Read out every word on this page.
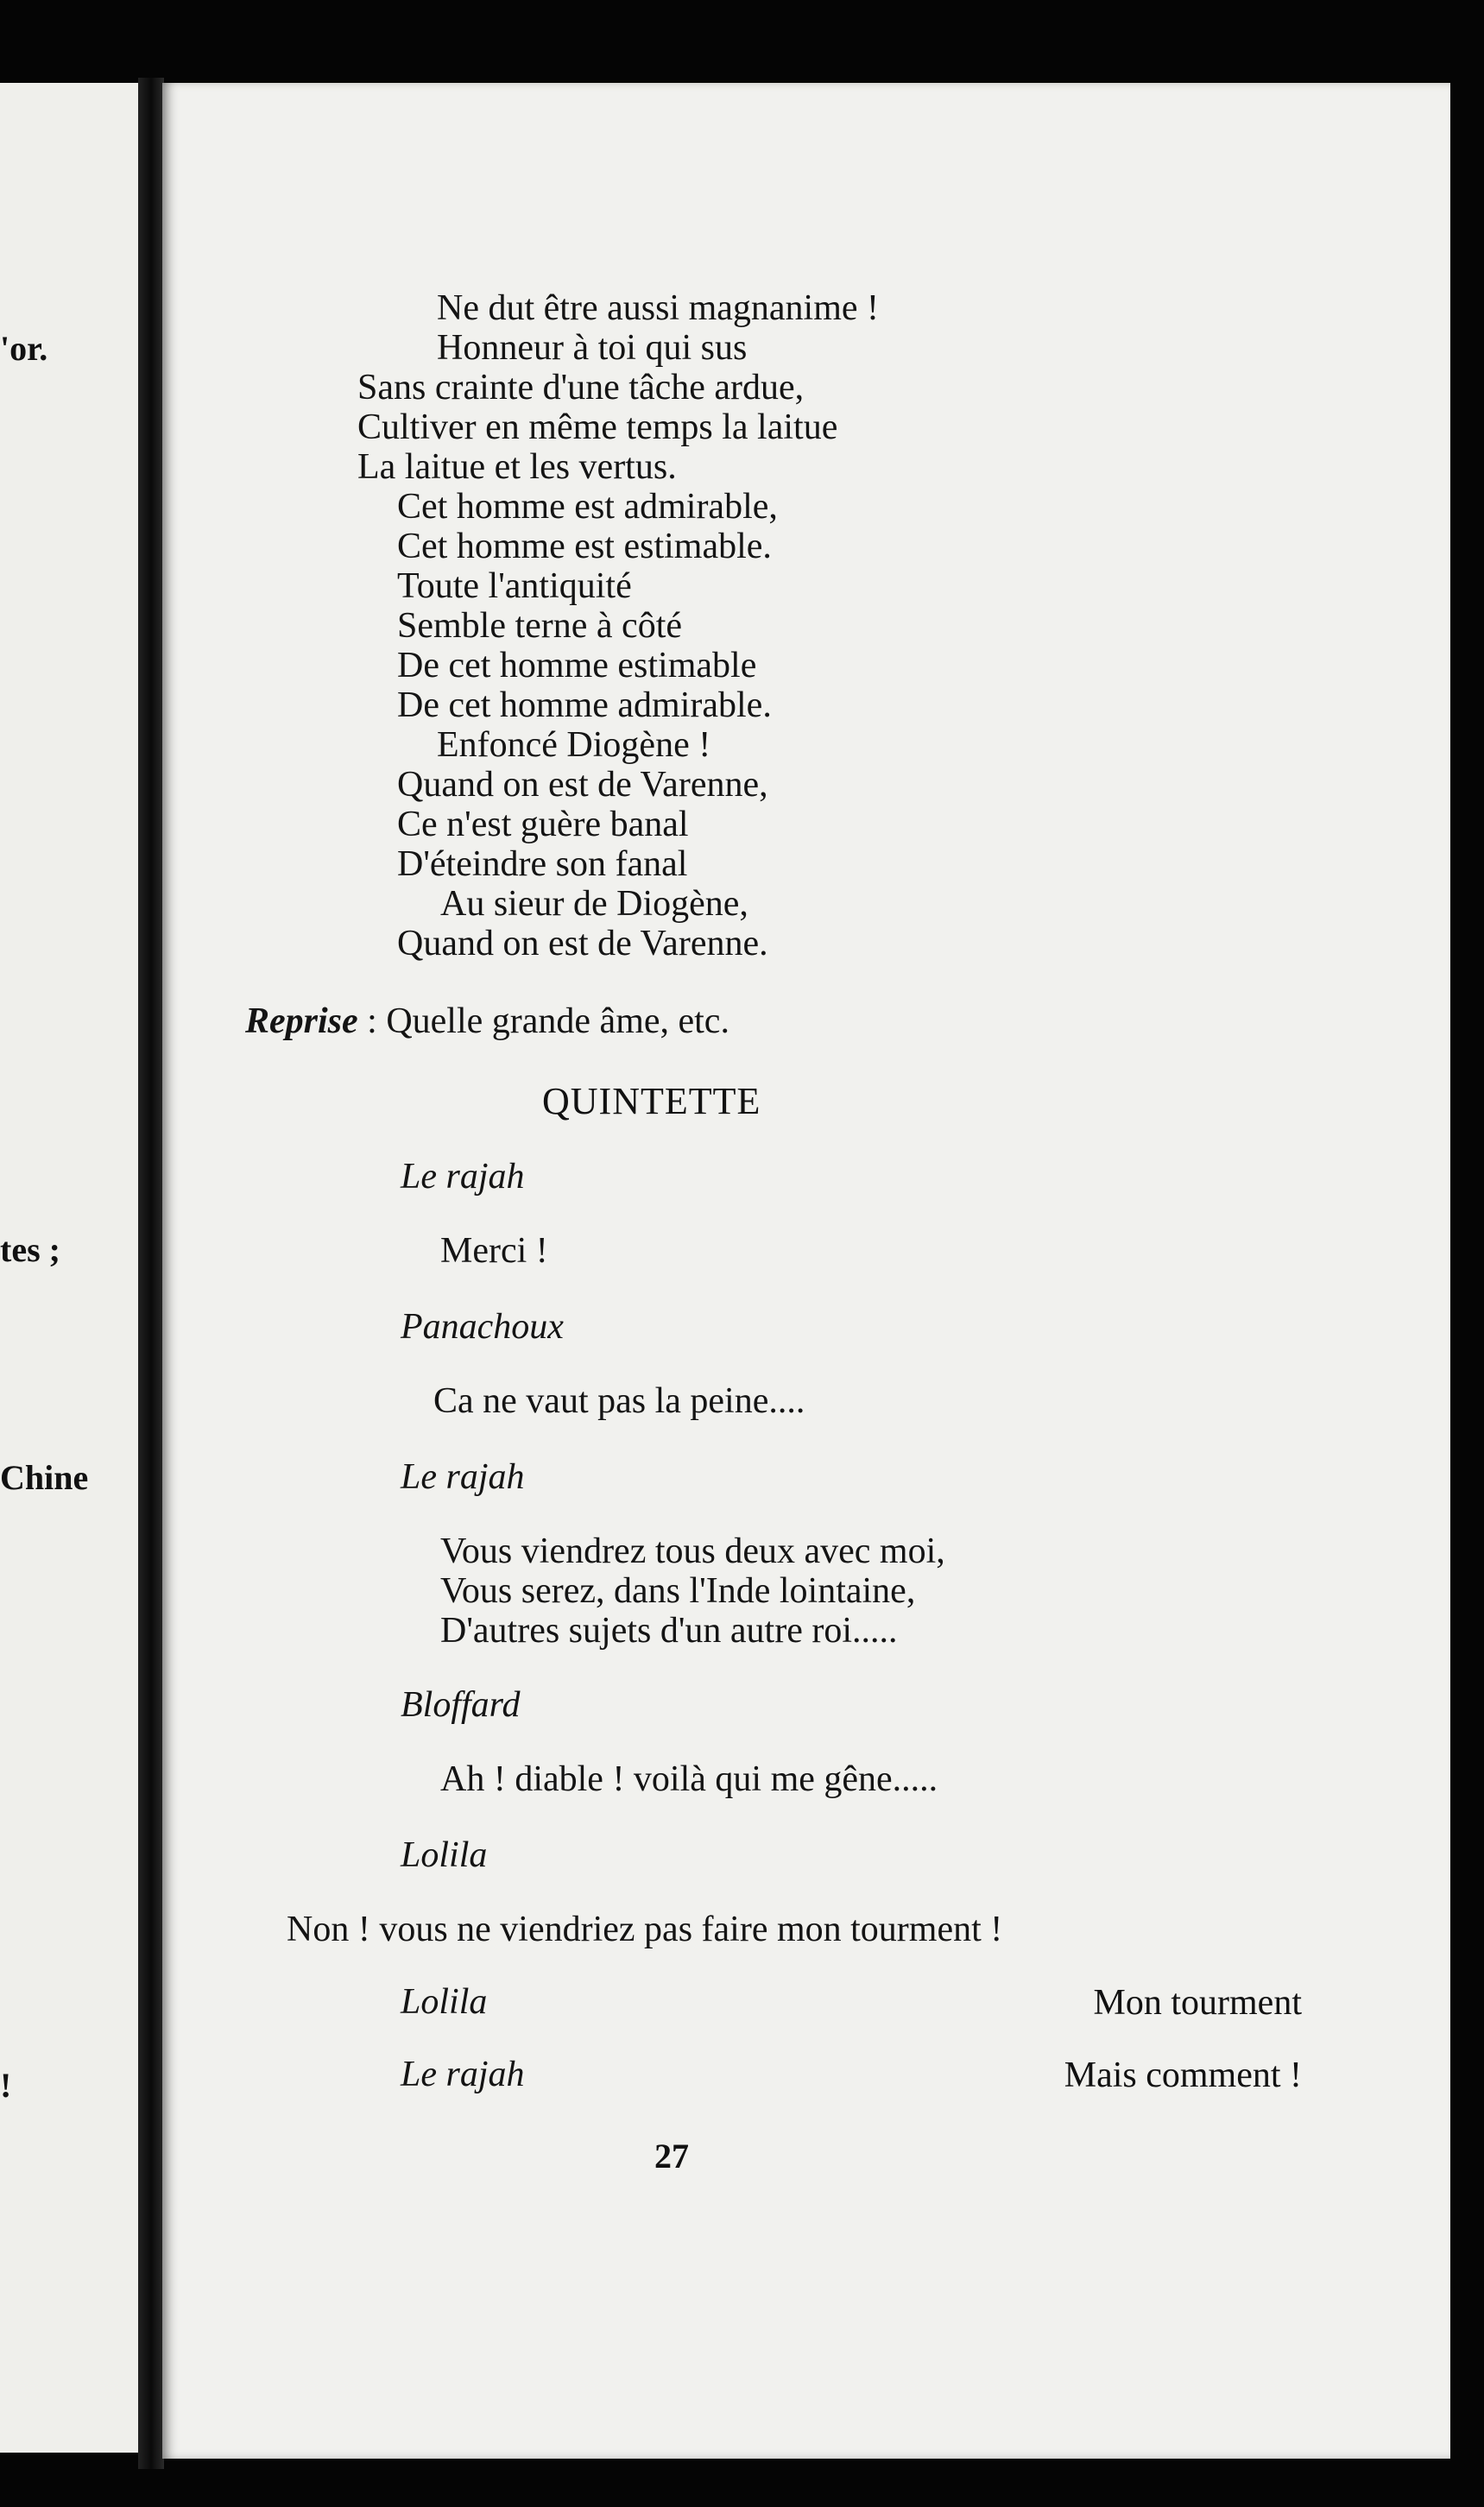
'or.
tes ;
Chine
!
Ne dut être aussi magnanime !
Honneur à toi qui sus
Sans crainte d'une tâche ardue,
Cultiver en même temps la laitue
La laitue et les vertus.
Cet homme est admirable,
Cet homme est estimable.
Toute l'antiquité
Semble terne à côté
De cet homme estimable
De cet homme admirable.
Enfoncé Diogène !
Quand on est de Varenne,
Ce n'est guère banal
D'éteindre son fanal
Au sieur de Diogène,
Quand on est de Varenne.
Reprise : Quelle grande âme, etc.
QUINTETTE
Le rajah
Merci !
Panachoux
Ca ne vaut pas la peine....
Le rajah
Vous viendrez tous deux avec moi,
Vous serez, dans l'Inde lointaine,
D'autres sujets d'un autre roi.....
Bloffard
Ah ! diable ! voilà qui me gêne.....
Lolila
Non ! vous ne viendriez pas faire mon tourment !
Lolila	Mon tourment
Le rajah	Mais comment !
27
